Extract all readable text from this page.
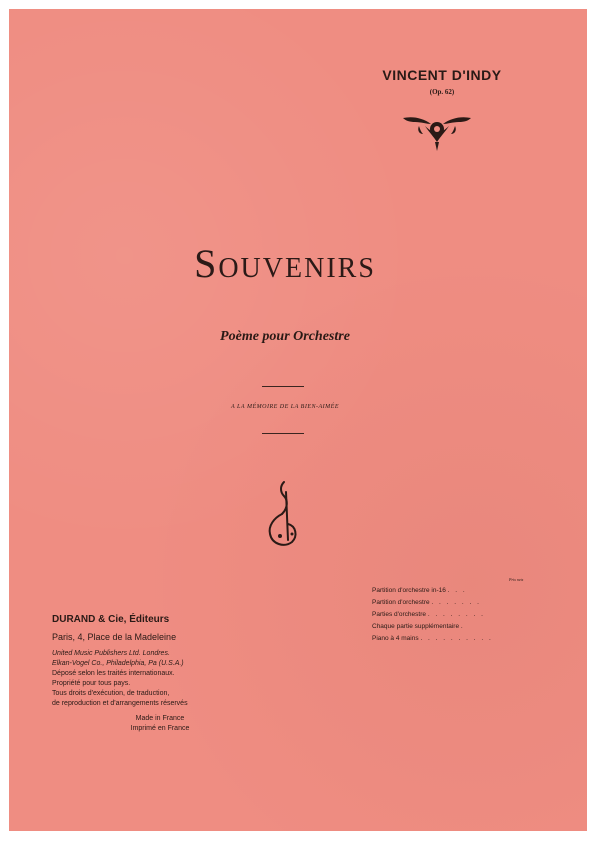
VINCENT D'INDY
(Op. 62)
Souvenirs
Poème pour Orchestre
A LA MÉMOIRE DE LA BIEN-AIMÉE
Prix nets
Partition d'orchestre in-16 . . .
Partition d'orchestre . . . . . . .
Parties d'orchestre . . . . . . . .
Chaque partie supplémentaire .
Piano à 4 mains . . . . . . . . . .
DURAND & Cie, Éditeurs
Paris, 4, Place de la Madeleine
United Music Publishers Ltd. Londres.
Elkan-Vogel Co., Philadelphia, Pa (U.S.A.)
Déposé selon les traités internationaux.
Propriété pour tous pays.
Tous droits d'exécution, de traduction,
de reproduction et d'arrangements réservés
Made in France
Imprimé en France
